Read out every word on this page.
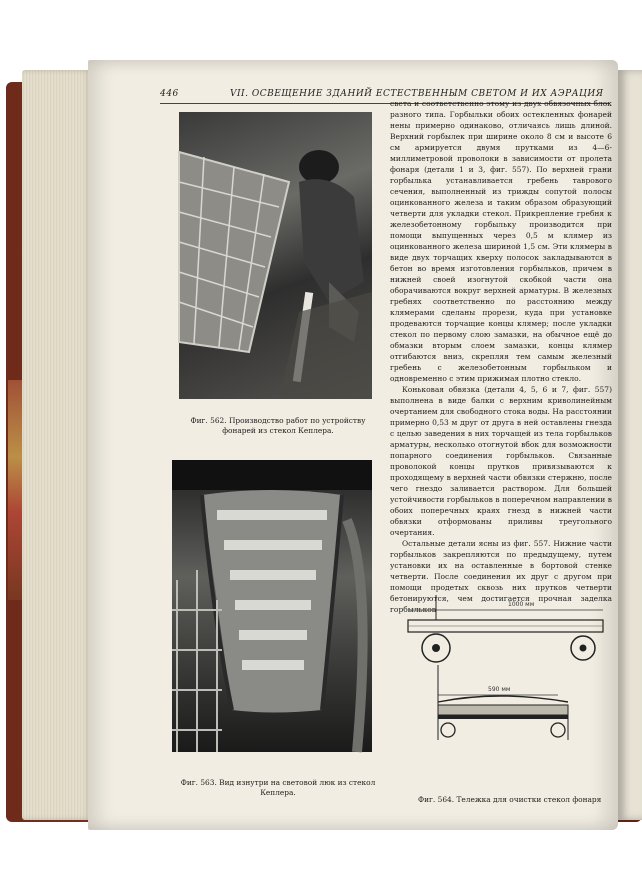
446	VII. ОСВЕЩЕНИЕ ЗДАНИЙ ЕСТЕСТВЕННЫМ СВЕТОМ И ИХ АЭРАЦИЯ
Фиг. 562. Производство работ по устройству фонарей из стекол Кеплера.
Фиг. 563. Вид изнутри на световой люк из стекол Кеплера.

света и соответственно этому из двух обвязочных блок разного типа. Горбыльки обоих остекленных фонарей нены примерно одинаково, отличаясь лишь длиной. Верхний горбылек при ширине около 8 см и высоте 6 см армируется двумя прутками из 4—6-миллиметровой проволоки в зависимости от пролета фонаря (детали 1 и 3, фиг. 557). По верхней грани горбылька устанавливается гребень таврового сечения, выполненный из трижды сопутой полосы оцинкованного железа и таким образом образующий четверти для укладки стекол. Прикрепление гребня к железобетонному горбыльку производится при помощи выпущенных через 0,5 м клямер из оцинкованного железа шириной 1,5 см. Эти клямеры в виде двух торчащих кверху полосок закладываются в бетон во время изготовления горбыльков, причем в нижней своей изогнутой скобкой части она оборачиваются вокруг верхней арматуры. В железных гребнях соответственно по расстоянию между клямерами сделаны прорези, куда при установке продеваются торчащие концы клямер; после укладки стекол по первому слою замазки, на обычное ещё до обмазки вторым слоем замазки, концы клямер отгибаются вниз, скрепляя тем самым железный гребень с железобетонным горбыльком и одновременно с этим прижимая плотно стекло.

Коньковая обвязка (детали 4, 5, 6 и 7, фиг. 557) выполнена в виде балки с верхним криволинейным очертанием для свободного стока воды. На расстоянии примерно 0,53 м друг от друга в ней оставлены гнезда с целью заведения в них торчащей из тела горбыльков арматуры, несколько отогнутой вбок для возможности попарного соединения горбыльков. Связанные проволокой концы прутков привязываются к проходящему в верхней части обвязки стержню, после чего гнездо заливается раствором. Для большей устойчивости горбыльков в поперечном направлении в обоих поперечных краях гнезд в нижней части обвязки отформованы приливы треугольного очертания.

Остальные детали ясны из фиг. 557. Нижние части горбыльков закрепляются по предыдущему, путем установки их на оставленные в бортовой стенке четверти. После соединения их друг с другом при помощи продетых сквозь них прутков четверти бетонируются, чем достигается прочная заделка горбыльков

1000 мм
590 мм
Фиг. 564. Тележка для очистки стекол фонаря
